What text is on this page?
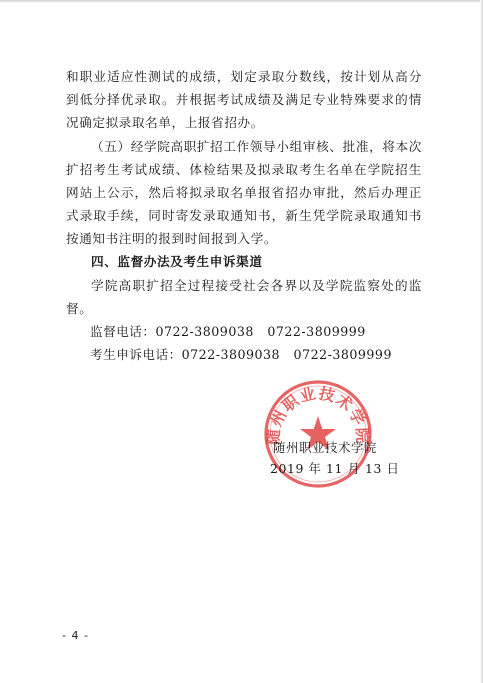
和职业适应性测试的成绩，划定录取分数线，按计划从高分到低分择优录取。并根据考试成绩及满足专业特殊要求的情况确定拟录取名单，上报省招办。

（五）经学院高职扩招工作领导小组审核、批准，将本次扩招考生考试成绩、体检结果及拟录取考生名单在学院招生网站上公示，然后将拟录取名单报省招办审批，然后办理正式录取手续，同时寄发录取通知书，新生凭学院录取通知书按通知书注明的报到时间报到入学。

四、监督办法及考生申诉渠道

学院高职扩招全过程接受社会各界以及学院监察处的监督。

监督电话：0722-3809038   0722-3809999

考生申诉电话：0722-3809038   0722-3809999

随州职业技术学院
随州职业技术学院
2019 年 11 月 13 日
- 4 -
